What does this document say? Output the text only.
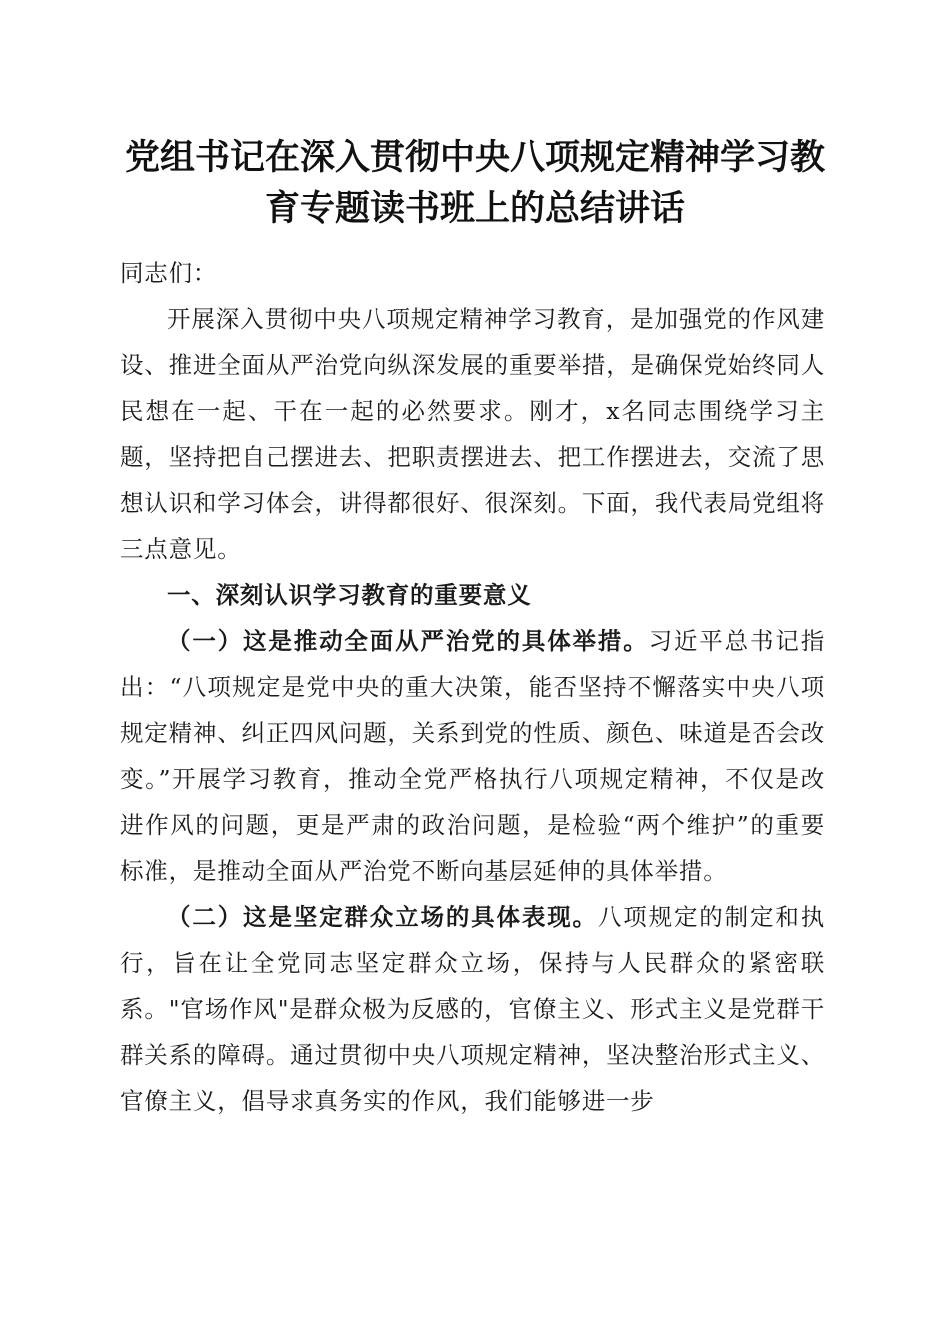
党组书记在深入贯彻中央八项规定精神学习教育专题读书班上的总结讲话

同志们：

开展深入贯彻中央八项规定精神学习教育，是加强党的作风建设、推进全面从严治党向纵深发展的重要举措，是确保党始终同人民想在一起、干在一起的必然要求。刚才，x名同志围绕学习主题，坚持把自己摆进去、把职责摆进去、把工作摆进去，交流了思想认识和学习体会，讲得都很好、很深刻。下面，我代表局党组将三点意见。

一、深刻认识学习教育的重要意义

（一）这是推动全面从严治党的具体举措。习近平总书记指出：“八项规定是党中央的重大决策，能否坚持不懈落实中央八项规定精神、纠正四风问题，关系到党的性质、颜色、味道是否会改变。”开展学习教育，推动全党严格执行八项规定精神，不仅是改进作风的问题，更是严肃的政治问题，是检验“两个维护”的重要标准，是推动全面从严治党不断向基层延伸的具体举措。

（二）这是坚定群众立场的具体表现。八项规定的制定和执行，旨在让全党同志坚定群众立场，保持与人民群众的紧密联系。"官场作风"是群众极为反感的，官僚主义、形式主义是党群干群关系的障碍。通过贯彻中央八项规定精神，坚决整治形式主义、官僚主义，倡导求真务实的作风，我们能够进一步
